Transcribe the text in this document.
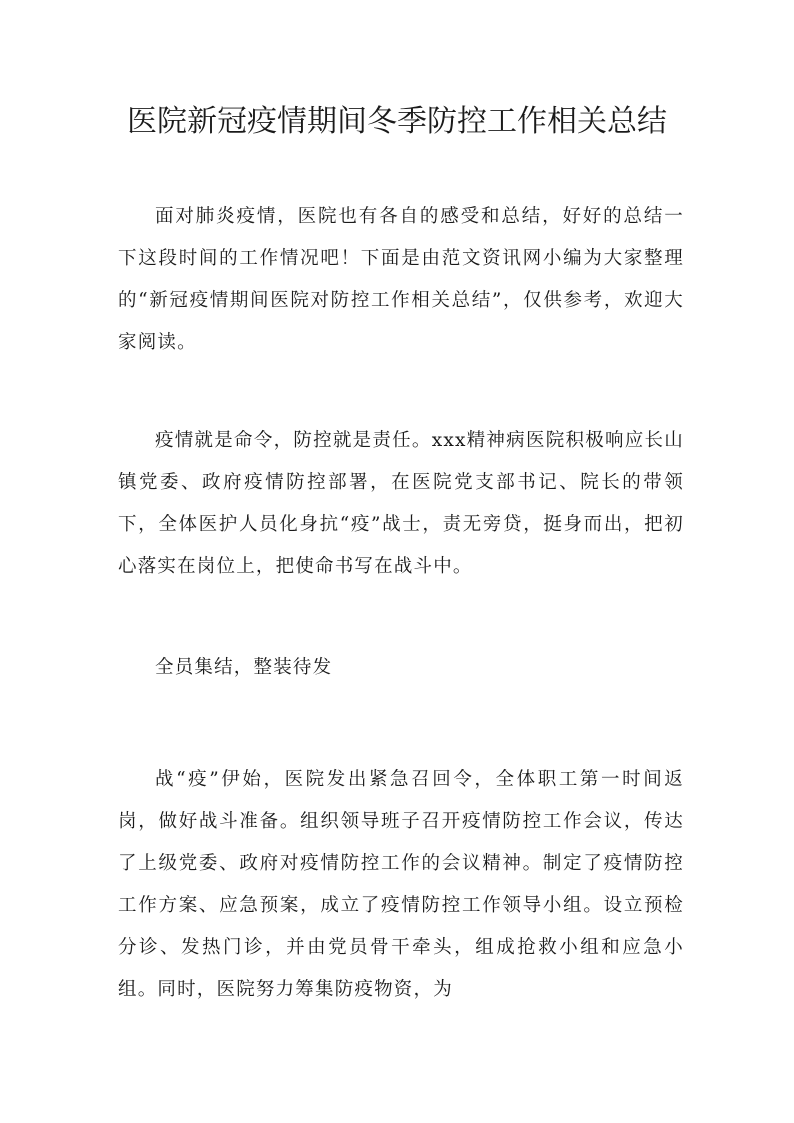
医院新冠疫情期间冬季防控工作相关总结

面对肺炎疫情，医院也有各自的感受和总结，好好的总结一下这段时间的工作情况吧！下面是由范文资讯网小编为大家整理的“新冠疫情期间医院对防控工作相关总结”，仅供参考，欢迎大家阅读。

疫情就是命令，防控就是责任。xxx精神病医院积极响应长山镇党委、政府疫情防控部署，在医院党支部书记、院长的带领下，全体医护人员化身抗“疫”战士，责无旁贷，挺身而出，把初心落实在岗位上，把使命书写在战斗中。

全员集结，整装待发

战“疫”伊始，医院发出紧急召回令，全体职工第一时间返岗，做好战斗准备。组织领导班子召开疫情防控工作会议，传达了上级党委、政府对疫情防控工作的会议精神。制定了疫情防控工作方案、应急预案，成立了疫情防控工作领导小组。设立预检分诊、发热门诊，并由党员骨干牵头，组成抢救小组和应急小组。同时，医院努力筹集防疫物资，为
